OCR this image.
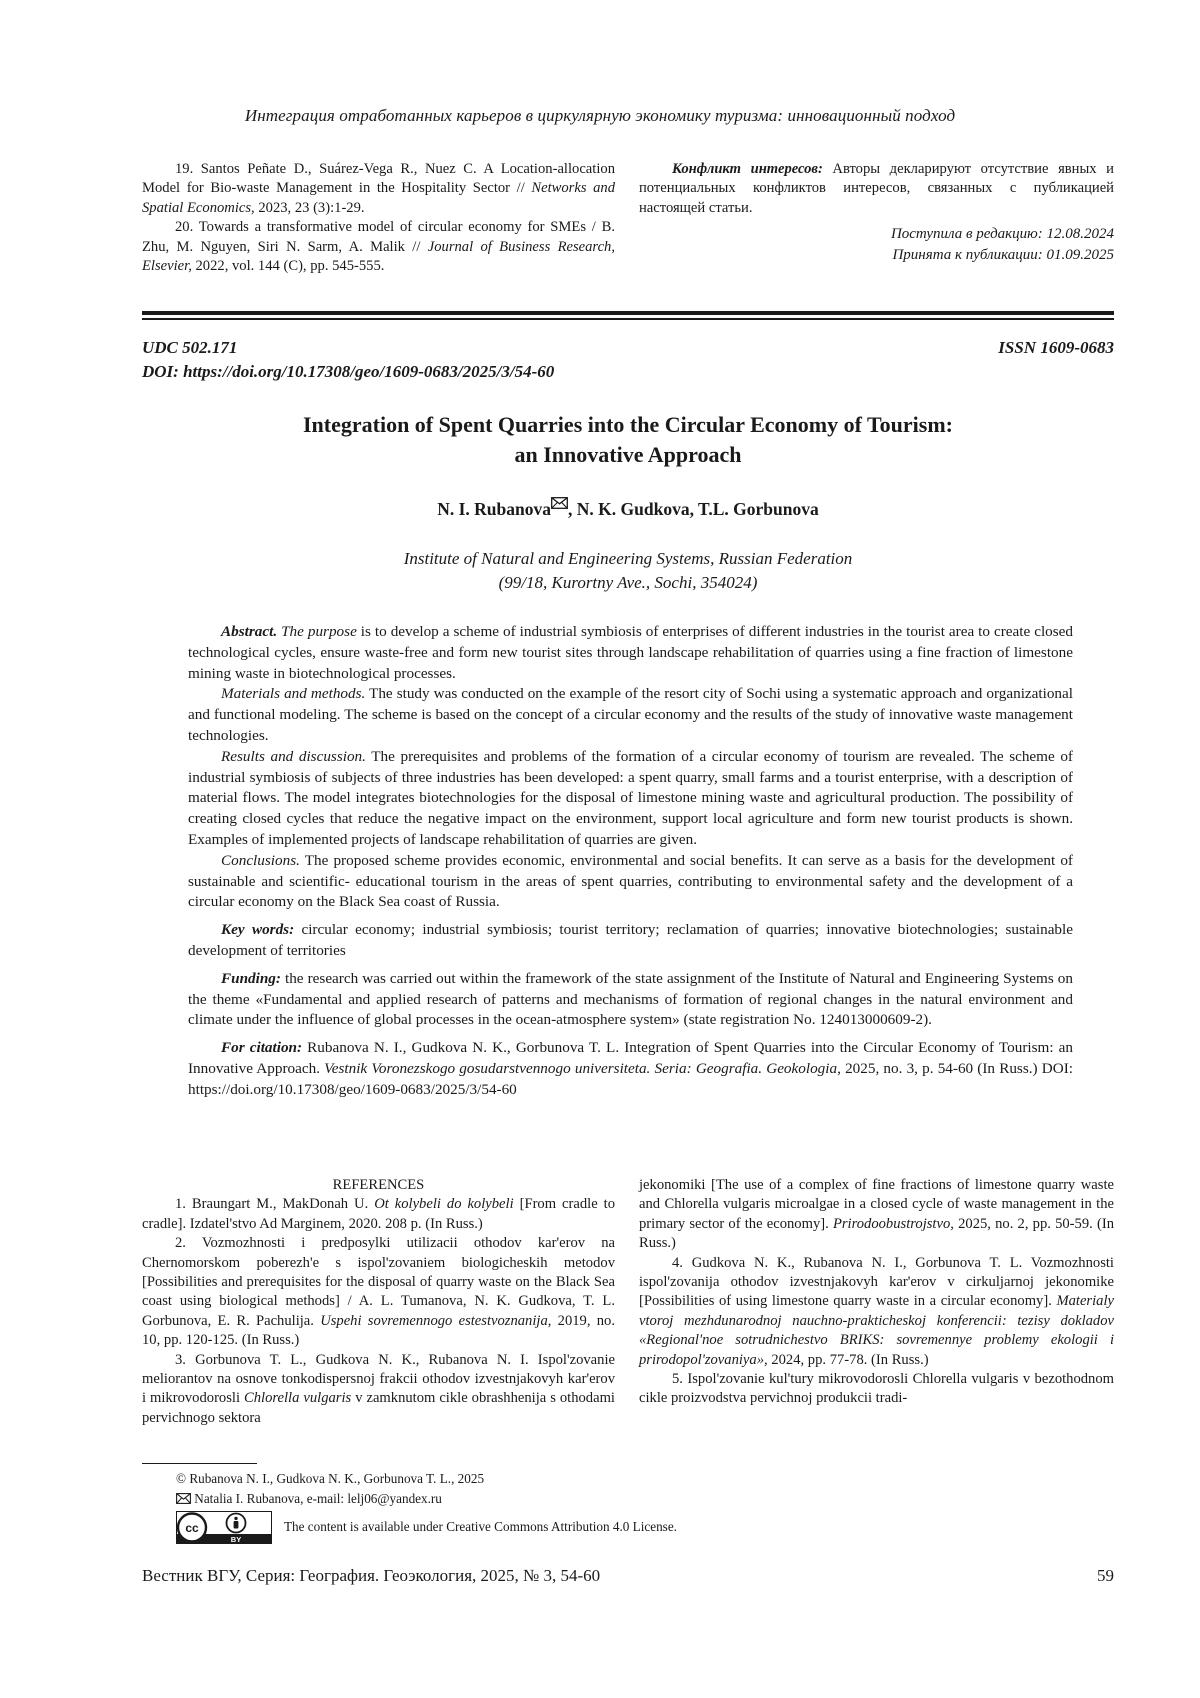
Интеграция отработанных карьеров в циркулярную экономику туризма: инновационный подход

19. Santos Peñate D., Suárez-Vega R., Nuez C. A Location-allocation Model for Bio-waste Management in the Hospitality Sector // Networks and Spatial Economics, 2023, 23 (3):1-29.

20. Towards a transformative model of circular economy for SMEs / B. Zhu, M. Nguyen, Siri N. Sarm, A. Malik // Journal of Business Research, Elsevier, 2022, vol. 144 (C), pp. 545-555.

Конфликт интересов: Авторы декларируют отсутствие явных и потенциальных конфликтов интересов, связанных с публикацией настоящей статьи.

Поступила в редакцию: 12.08.2024
Принята к публикации: 01.09.2025
UDC 502.171
DOI: https://doi.org/10.17308/geo/1609-0683/2025/3/54-60
ISSN 1609-0683
Integration of Spent Quarries into the Circular Economy of Tourism:
an Innovative Approach
N. I. Rubanova , N. K. Gudkova, T.L. Gorbunova
Institute of Natural and Engineering Systems, Russian Federation
(99/18, Kurortny Ave., Sochi, 354024)

Abstract. The purpose is to develop a scheme of industrial symbiosis of enterprises of different industries in the tourist area to create closed technological cycles, ensure waste-free and form new tourist sites through landscape rehabilitation of quarries using a fine fraction of limestone mining waste in biotechnological processes.

Materials and methods. The study was conducted on the example of the resort city of Sochi using a systematic approach and organizational and functional modeling. The scheme is based on the concept of a circular economy and the results of the study of innovative waste management technologies.

Results and discussion. The prerequisites and problems of the formation of a circular economy of tourism are revealed. The scheme of industrial symbiosis of subjects of three industries has been developed: a spent quarry, small farms and a tourist enterprise, with a description of material flows. The model integrates biotechnologies for the disposal of limestone mining waste and agricultural production. The possibility of creating closed cycles that reduce the negative impact on the environment, support local agriculture and form new tourist products is shown. Examples of implemented projects of landscape rehabilitation of quarries are given.

Conclusions. The proposed scheme provides economic, environmental and social benefits. It can serve as a basis for the development of sustainable and scientific- educational tourism in the areas of spent quarries, contributing to environmental safety and the development of a circular economy on the Black Sea coast of Russia.

Key words: circular economy; industrial symbiosis; tourist territory; reclamation of quarries; innovative biotechnologies; sustainable development of territories

Funding: the research was carried out within the framework of the state assignment of the Institute of Natural and Engineering Systems on the theme «Fundamental and applied research of patterns and mechanisms of formation of regional changes in the natural environment and climate under the influence of global processes in the ocean-atmosphere system» (state registration No. 124013000609-2).

For citation: Rubanova N. I., Gudkova N. K., Gorbunova T. L. Integration of Spent Quarries into the Circular Economy of Tourism: an Innovative Approach. Vestnik Voronezskogo gosudarstvennogo universiteta. Seria: Geografia. Geokologia, 2025, no. 3, p. 54-60 (In Russ.) DOI: https://doi.org/10.17308/geo/1609-0683/2025/3/54-60

REFERENCES

1. Braungart M., MakDonah U. Ot kolybeli do kolybeli [From cradle to cradle]. Izdatel'stvo Ad Marginem, 2020. 208 p. (In Russ.)

2. Vozmozhnosti i predposylki utilizacii othodov kar'erov na Chernomorskom poberezh'e s ispol'zovaniem biologicheskih metodov [Possibilities and prerequisites for the disposal of quarry waste on the Black Sea coast using biological methods] / A. L. Tumanova, N. K. Gudkova, T. L. Gorbunova, E. R. Pachulija. Uspehi sovremennogo estestvoznanija, 2019, no. 10, pp. 120-125. (In Russ.)

3. Gorbunova T. L., Gudkova N. K., Rubanova N. I. Ispol'zovanie meliorantov na osnove tonkodispersnoj frakcii othodov izvestnjakovyh kar'erov i mikrovodorosli Chlorella vulgaris v zamknutom cikle obrashhenija s othodami pervichnogo sektora

jekonomiki [The use of a complex of fine fractions of limestone quarry waste and Chlorella vulgaris microalgae in a closed cycle of waste management in the primary sector of the economy]. Prirodoobustrojstvo, 2025, no. 2, pp. 50-59. (In Russ.)

4. Gudkova N. K., Rubanova N. I., Gorbunova T. L. Vozmozhnosti ispol'zovanija othodov izvestnjakovyh kar'erov v cirkuljarnoj jekonomike [Possibilities of using limestone quarry waste in a circular economy]. Materialy vtoroj mezhdunarodnoj nauchno-prakticheskoj konferencii: tezisy dokladov «Regional'noe sotrudnichestvo BRIKS: sovremennye problemy ekologii i prirodopol'zovaniya», 2024, pp. 77-78. (In Russ.)

5. Ispol'zovanie kul'tury mikrovodorosli Chlorella vulgaris v bezothodnom cikle proizvodstva pervichnoj produkcii tradi-

© Rubanova N. I., Gudkova N. K., Gorbunova T. L., 2025
Natalia I. Rubanova, e-mail: lelj06@yandex.ru
cc
BY
The content is available under Creative Commons Attribution 4.0 License.
Вестник ВГУ, Серия: География. Геоэкология, 2025, № 3, 54-60	59
